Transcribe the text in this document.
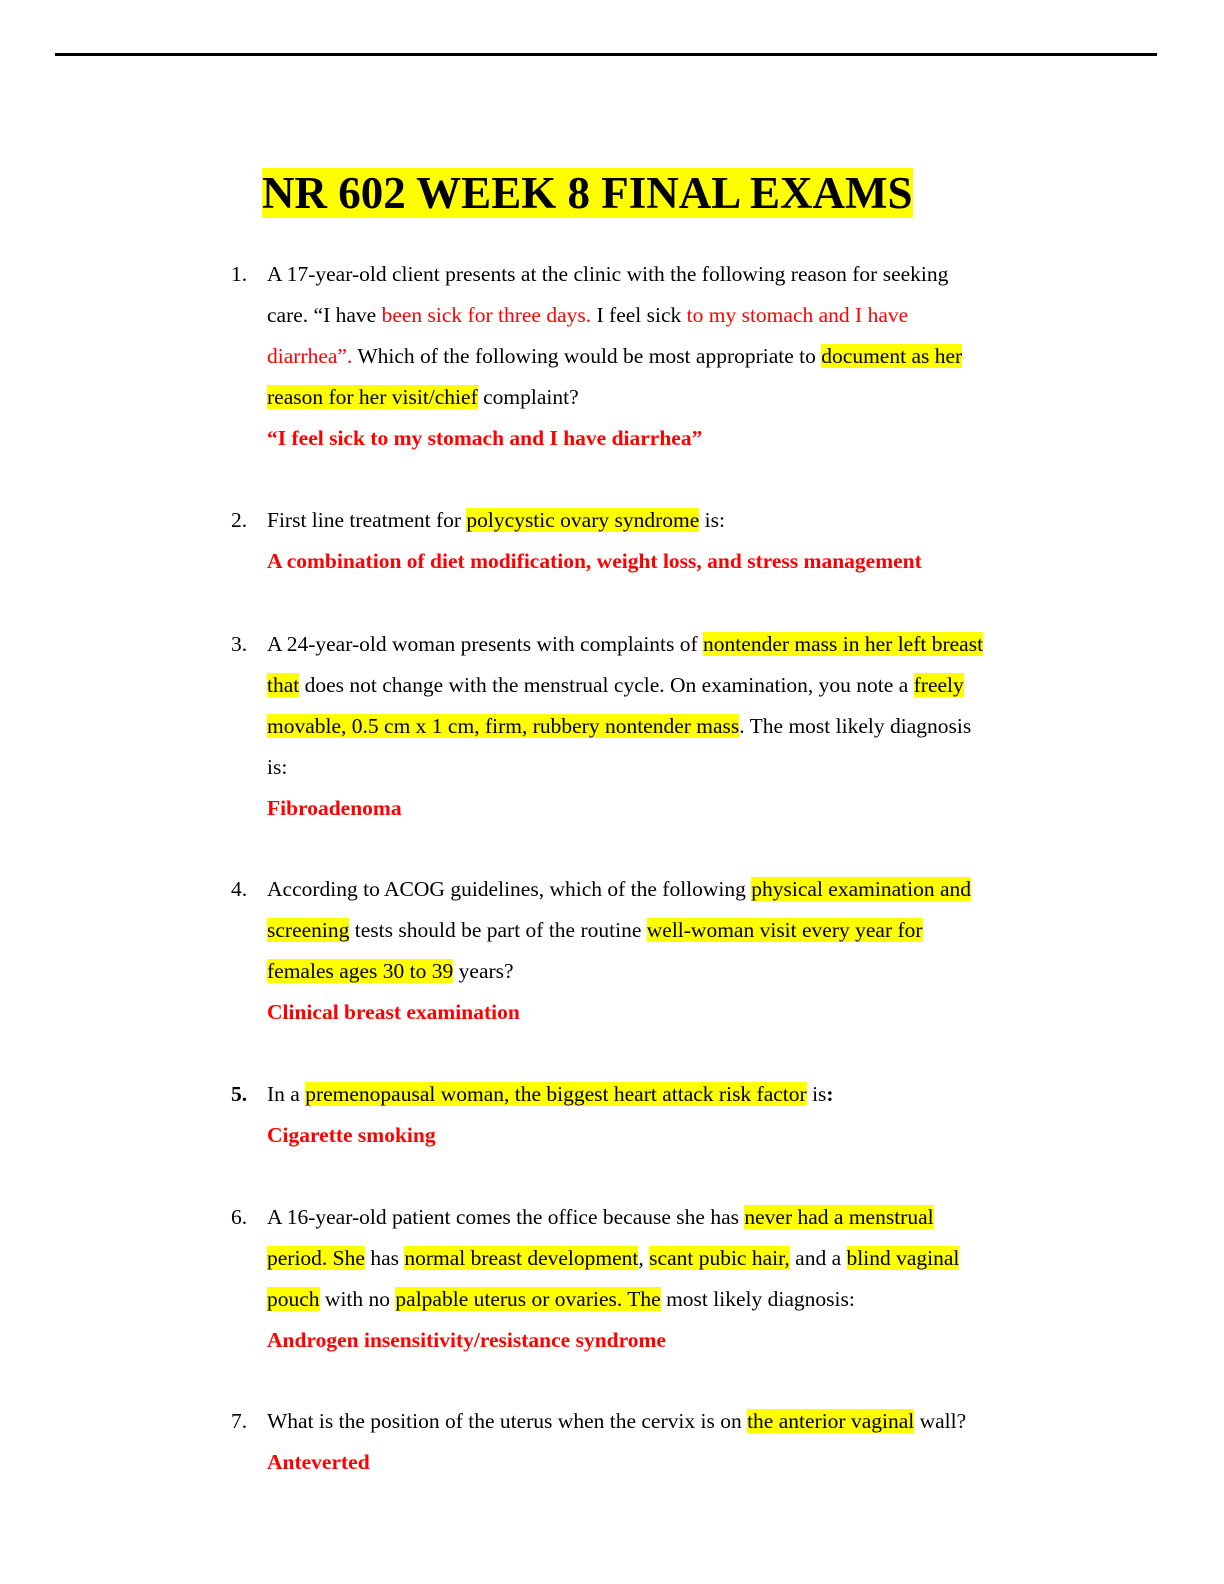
NR 602 WEEK 8 FINAL EXAMS
1. A 17-year-old client presents at the clinic with the following reason for seeking
care. “I have been sick for three days. I feel sick to my stomach and I have
diarrhea”. Which of the following would be most appropriate to document as her
reason for her visit/chief complaint?
“I feel sick to my stomach and I have diarrhea”
2. First line treatment for polycystic ovary syndrome is:
A combination of diet modification, weight loss, and stress management
3. A 24-year-old woman presents with complaints of nontender mass in her left breast
that does not change with the menstrual cycle. On examination, you note a freely
movable, 0.5 cm x 1 cm, firm, rubbery nontender mass. The most likely diagnosis
is:
Fibroadenoma
4. According to ACOG guidelines, which of the following physical examination and
screening tests should be part of the routine well-woman visit every year for
females ages 30 to 39 years?
Clinical breast examination
5. In a premenopausal woman, the biggest heart attack risk factor is:
Cigarette smoking
6. A 16-year-old patient comes the office because she has never had a menstrual
period. She has normal breast development, scant pubic hair, and a blind vaginal
pouch with no palpable uterus or ovaries. The most likely diagnosis:
Androgen insensitivity/resistance syndrome
7. What is the position of the uterus when the cervix is on the anterior vaginal wall?
Anteverted
